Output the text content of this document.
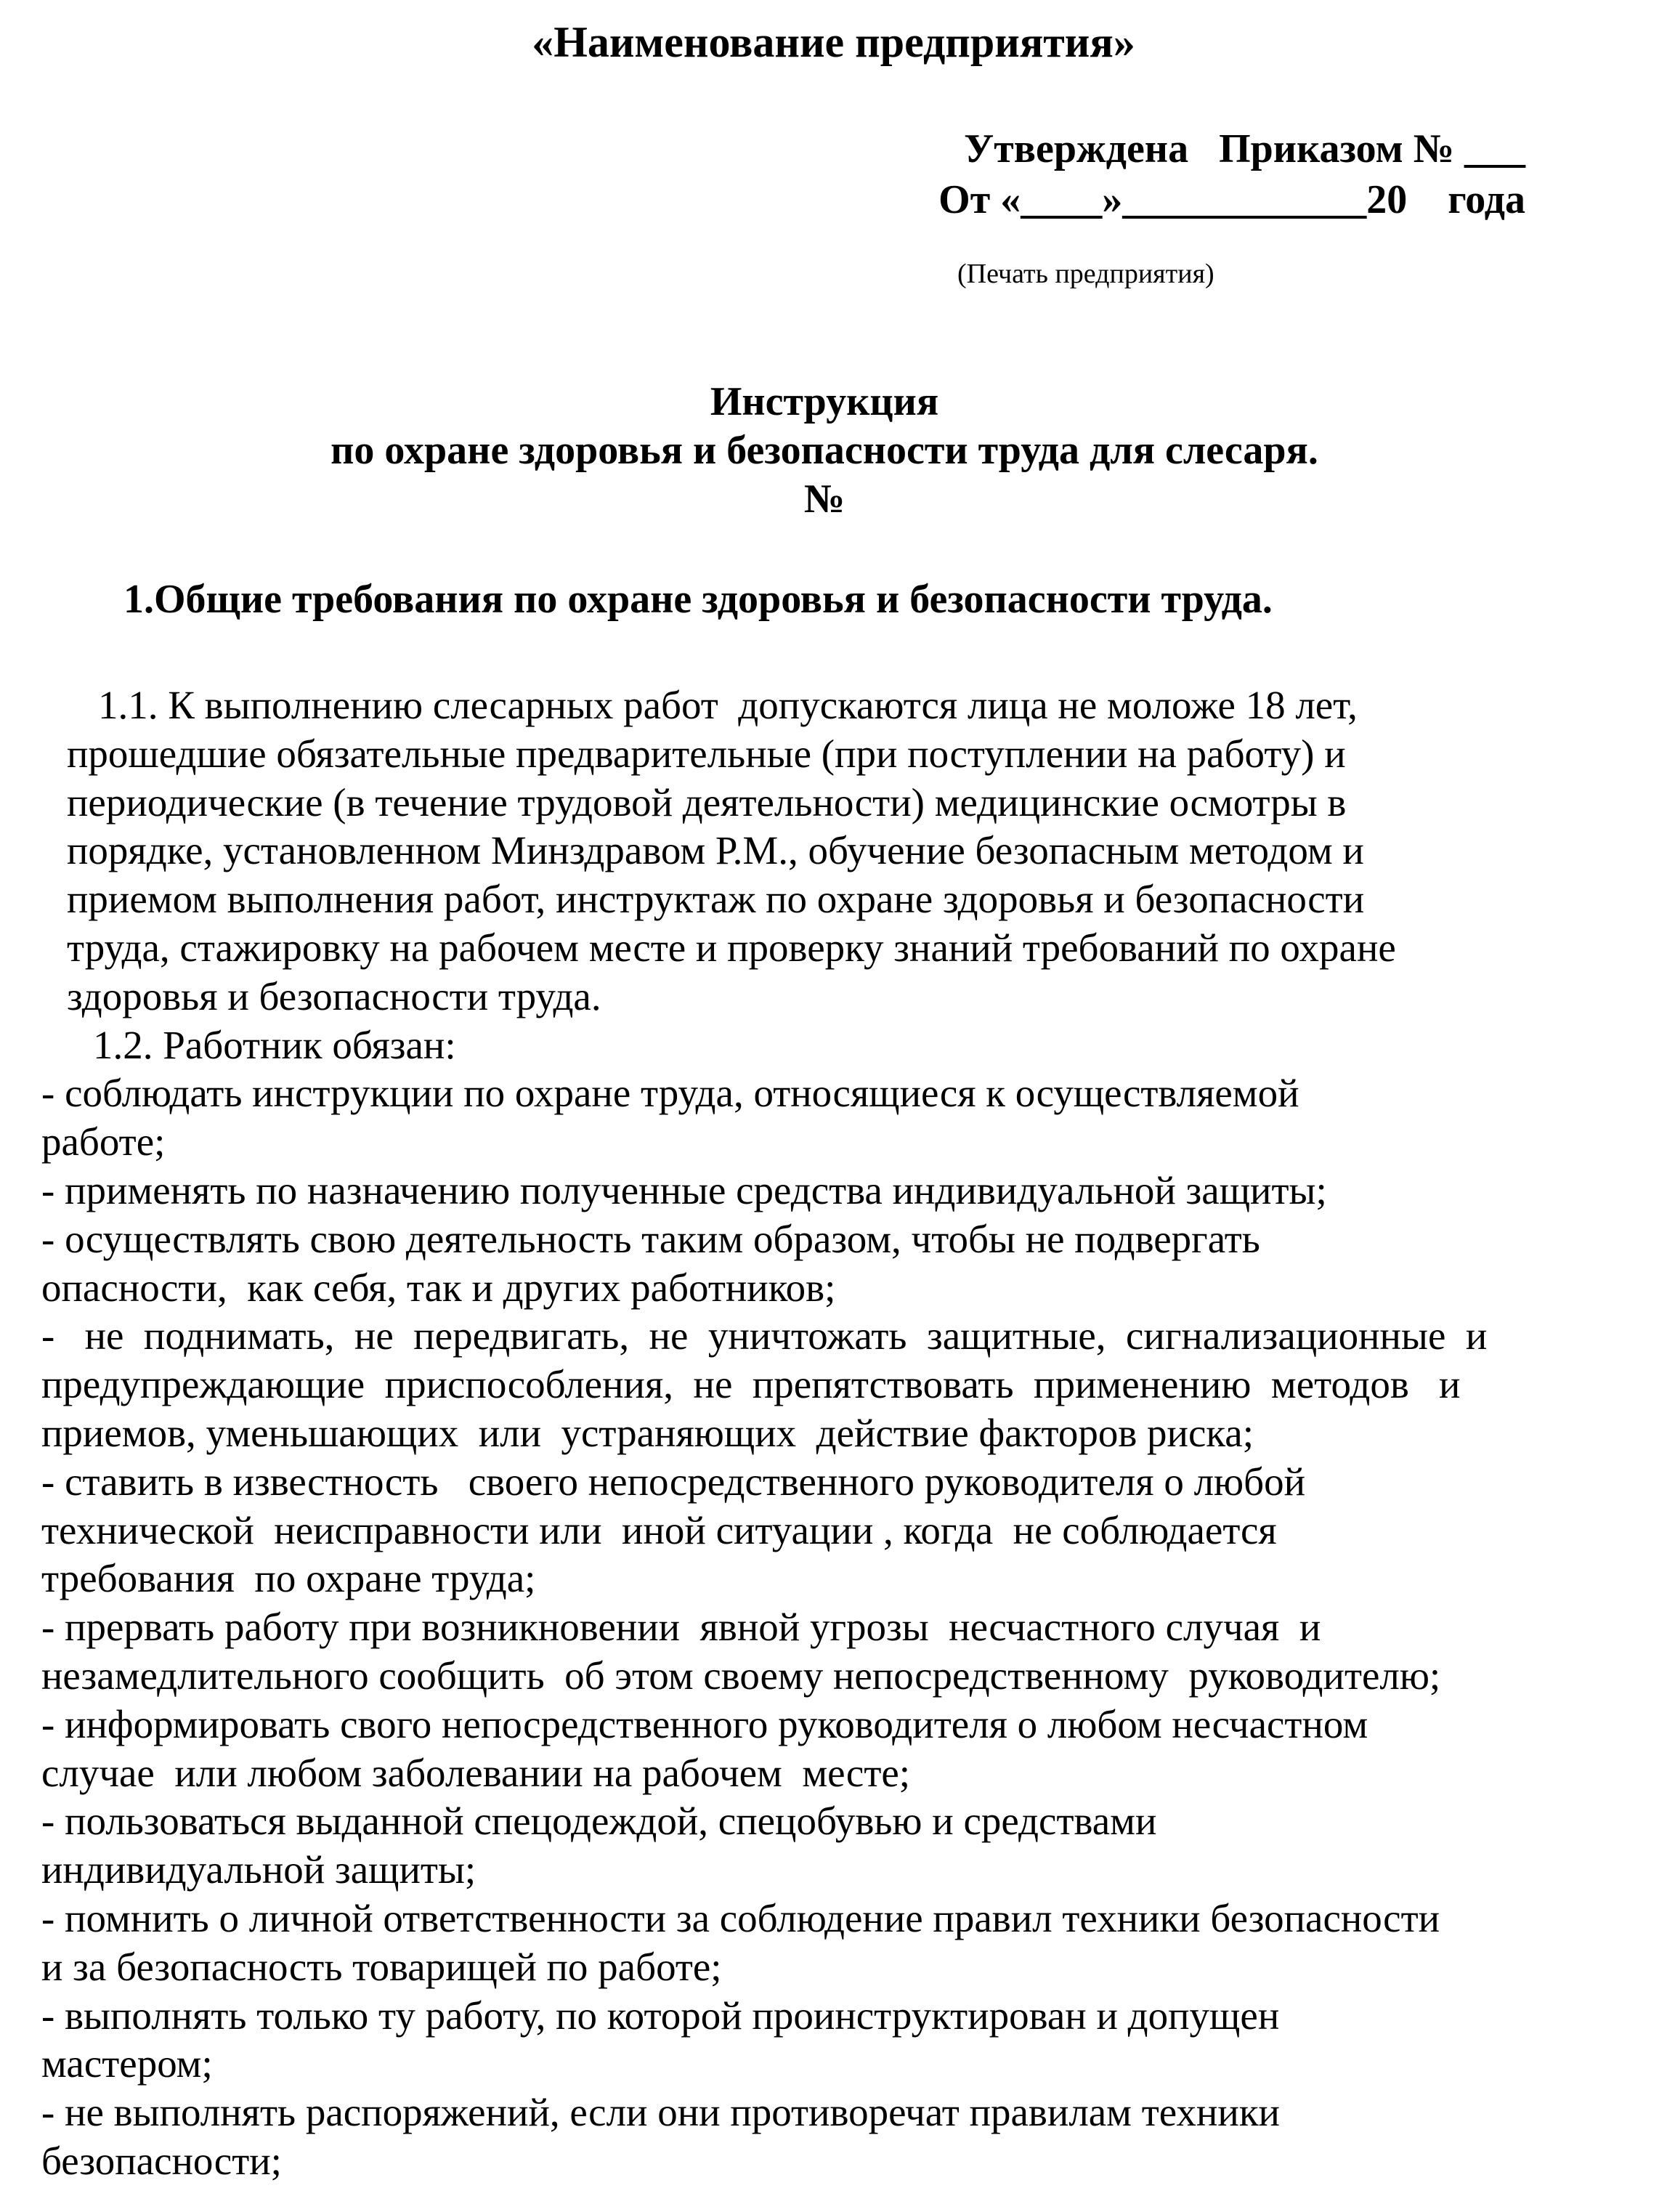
«Наименование предприятия»
Утверждена   Приказом № ___
От «____»____________20    года
(Печать предприятия)
Инструкция
по охране здоровья и безопасности труда для слесаря.
№
1.Общие требования по охране здоровья и безопасности труда.
1.1. К выполнению слесарных работ  допускаются лица не моложе 18 лет,
прошедшие обязательные предварительные (при поступлении на работу) и
периодические (в течение трудовой деятельности) медицинские осмотры в
порядке, установленном Минздравом Р.М., обучение безопасным методом и
приемом выполнения работ, инструктаж по охране здоровья и безопасности
труда, стажировку на рабочем месте и проверку знаний требований по охране
здоровья и безопасности труда.
1.2. Работник обязан:
- соблюдать инструкции по охране труда, относящиеся к осуществляемой
работе;
- применять по назначению полученные средства индивидуальной защиты;
- осуществлять свою деятельность таким образом, чтобы не подвергать
опасности,  как себя, так и других работников;
-   не  поднимать,  не  передвигать,  не  уничтожать  защитные,  сигнализационные  и
предупреждающие  приспособления,  не  препятствовать  применению  методов   и
приемов, уменьшающих  или  устраняющих  действие факторов риска;
- ставить в известность   своего непосредственного руководителя о любой
технической  неисправности или  иной ситуации , когда  не соблюдается
требования  по охране труда;
- прервать работу при возникновении  явной угрозы  несчастного случая  и
незамедлительного сообщить  об этом своему непосредственному  руководителю;
- информировать свого непосредственного руководителя о любом несчастном
случае  или любом заболевании на рабочем  месте;
- пользоваться выданной спецодеждой, спецобувью и средствами
индивидуальной защиты;
- помнить о личной ответственности за соблюдение правил техники безопасности
и за безопасность товарищей по работе;
- выполнять только ту работу, по которой проинструктирован и допущен
мастером;
- не выполнять распоряжений, если они противоречат правилам техники
безопасности;
